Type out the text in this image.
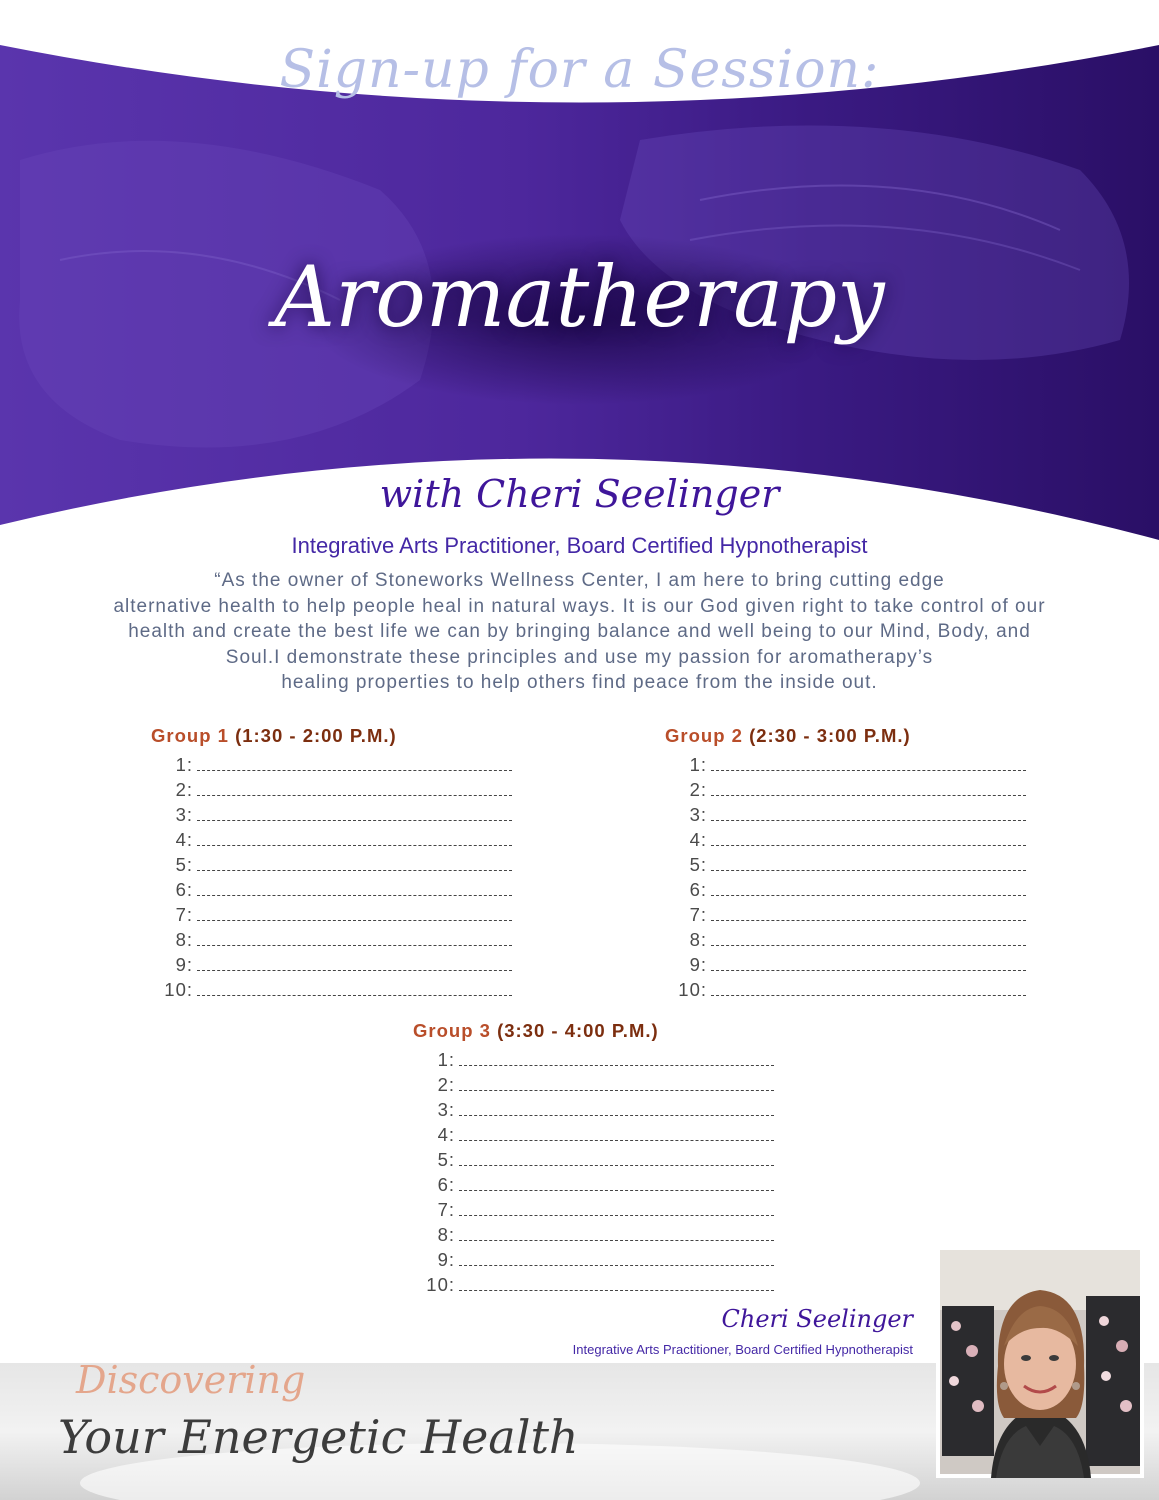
Sign-up for a Session:
Aromatherapy
with Cheri Seelinger
Integrative Arts Practitioner, Board Certified Hypnotherapist
“As the owner of Stoneworks Wellness Center, I am here to bring cutting edge
alternative health to help people heal in natural ways. It is our God given right to take control of our
health and create the best life we can by bringing balance and well being to our Mind, Body, and
Soul.I demonstrate these principles and use my passion for aromatherapy’s
healing properties to help others find peace from the inside out.
Group 1 (1:30 - 2:00 P.M.)
1:
2:
3:
4:
5:
6:
7:
8:
9:
10:
Group 2 (2:30 - 3:00 P.M.)
1:
2:
3:
4:
5:
6:
7:
8:
9:
10:
Group 3 (3:30 - 4:00 P.M.)
1:
2:
3:
4:
5:
6:
7:
8:
9:
10:
Discovering
Your Energetic Health
Cheri Seelinger
Integrative Arts Practitioner, Board Certified Hypnotherapist
